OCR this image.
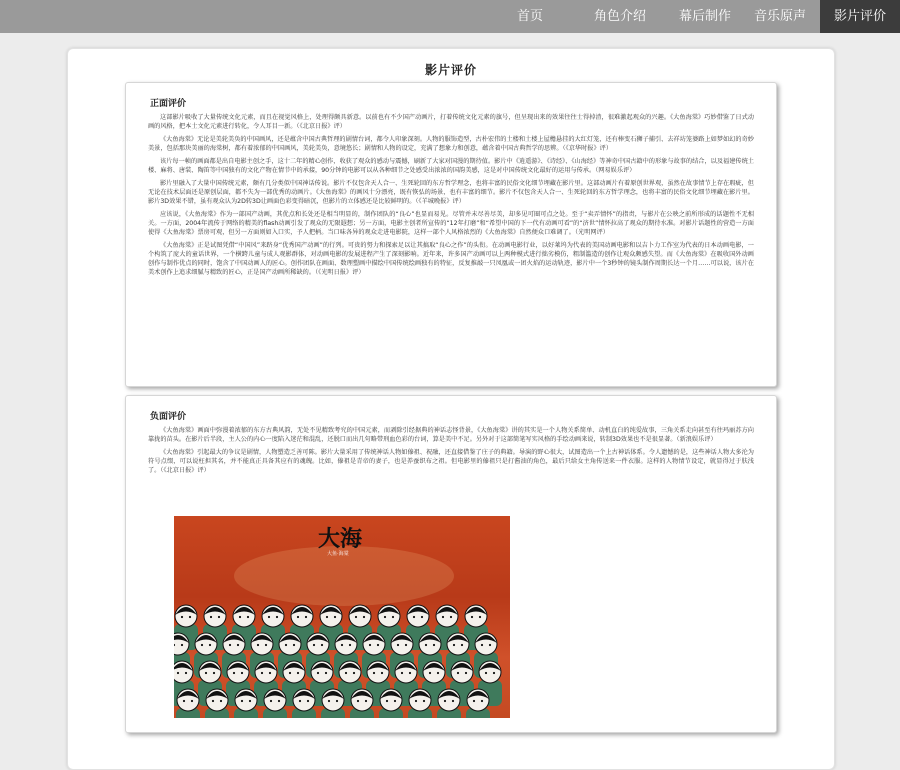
首页	角色介绍	幕后制作	音乐原声	影片评价
影片评价
正面评价

这部影片吸收了大量传统文化元素，而且在视觉风格上，处理得颇具新意。以前也有不少国产动画片，打着传统文化元素的旗号，但呈现出来的效果往往士得掉渣，很难激起观众的兴趣。《大鱼海棠》巧妙借鉴了日式动画的风格，把本土文化元素进行转化，令人耳目一新。（《北京日报》评）

《大鱼海棠》无论是美轮美奂的中国画风，还是蕴含中国古典哲理的剧情台词，都令人印象深刻。人物的服饰造型，古朴宏伟的土楼和土楼上屋檐悬挂的大红灯笼，还有棒变石狮子捕引、去祥坊笼婆路上如梦如幻的奇妙美景，包括那块美丽的海棠树，都有着浓郁的中国画风，美轮美奂，意境悠长；剧情和人物的设定，充满了想象力和创意，蕴含着中国古典哲学的思辨。（《京华时报》评）

该片每一帧的画面都是出自电影主创之手，这十二年的精心创作，收获了观众的感动与震撼，刷新了大家对国漫的期待值。影片中《逍遥游》、《诗经》、《山海经》等神奇中国古籍中的形象与故事的结合，以及福建传统土楼、麻将、唐装、陶笛等中国独有的文化产物在情节中的承接，90分钟的电影可以从各种细节之处感受出浓浓的国韵美感，这是对中国传统文化最好的运用与传承。（网易娱乐评）

影片里融入了大量中国传统元素，颇有几分类似中国神话传说。影片不仅包含天人合一、生死轮回的东方哲学理念，也将丰富的民俗文化细节埋藏在影片里。这部动画片有着原创世界观，虽然在故事情节上存在瑕疵，但无论在技术层面还是原创层面，都不失为一部优秀的动画片。《大鱼海棠》的画风十分漂亮，既有恢弘的场景，也有丰富的细节。影片不仅包含天人合一、生死轮回的东方哲学理念，也将丰富的民俗文化细节埋藏在影片里。影片3D效果不错，虽有观众认为2D转3D让画面色彩变得暗沉，但影片的立体感还是比较鲜明的。（《羊城晚报》评）

应该说，《大鱼海棠》作为一部国产动画，其优点和长处还是相当明显的，制作团队的“良心”也显而易见。尽管并未尽善尽美，却多见可圈可点之处。至于“卖弄情怀”的指责，与影片在公映之前所形成的话题性不无相关。一方面，2004年流传于网络的精美的flash动画引发了观众的无限遐想；另一方面，电影主创者所宣传的“12年打磨”和“希望中国的下一代有动画可看”的“济世”情怀拉高了观众的期待水准。对影片话题性的营造一方面使得《大鱼海棠》票房可观，但另一方面则如入口实，予人把柄。当口味各异的观众走进电影院，这样一部个人风格浓烈的《大鱼海棠》自然便众口难调了。（光明网评）

《大鱼海棠》正是试图凭借“中国风”来跻身“优秀国产动画”的行列。可贵的努力和探索足以让其搞取“良心之作”的头衔。在动画电影行业，以好莱坞为代表的美国动画电影和以吉卜力工作室为代表的日本动画电影，一个构筑了庞大的童话世界，一个横跨儿童与成人观影群体，对动画电影的发展进程产生了深刻影响。近年来，许多国产动画可以上两种模式进行拙劣模仿，粗制滥造的创作让观众颇感失望。而《大鱼海棠》在吸收国外动画创作与制作优点的同时，饱含了中国动画人的匠心。创作团队在画面、数理塑画中描绘中国传统绘画独有的特征，反复推敲一只凤凰或一团火焰的运动轨迹，影片中一个3秒钟的镜头制作周期长达一个月……可以说，该片在美术创作上追求细腻与精致的匠心，正是国产动画所稀缺的。（《光明日报》评）

负面评价

《大鱼海棠》画面中弥漫着浓郁的东方古典风韵，无处不见精致考究的中国元素，而剥除引经据典的神话志怪背景，《大鱼海棠》讲的其实是一个人物关系简单、动机直白的纯爱故事，三角关系走向甚至有往玛丽苏方向靠拢的苗头。在影片后半段，主人公的内心一度陷入迷茫和混乱，还脱口而出几句略带刑血色彩的台词，算是美中不足。另外对于这部简笔写实风格的手绘动画来说，转制3D效果也不是很显著。（新浪娱乐评）

《大鱼海棠》引起最大的争议是剧情，人物塑造乏善可陈。影片大量采用了传统神话人物如傣祖、祝融，还直接借鉴了庄子的典籍。导演的野心很大，试图造出一个上古神话体系。令人遗憾的是，这些神话人物大多沦为符号点缀，可以说枉担其名，并不能真正具备其应有的魂魄。比如，傣祖是青帝的妻子，也是养蚕织布之祖。但电影里的傣祖只是打酱油的角色，最后只给女主角传送来一件衣服。这样的人物情节设定，就显得过于肤浅了。（《北京日报》评）

大海
大鱼·海棠
